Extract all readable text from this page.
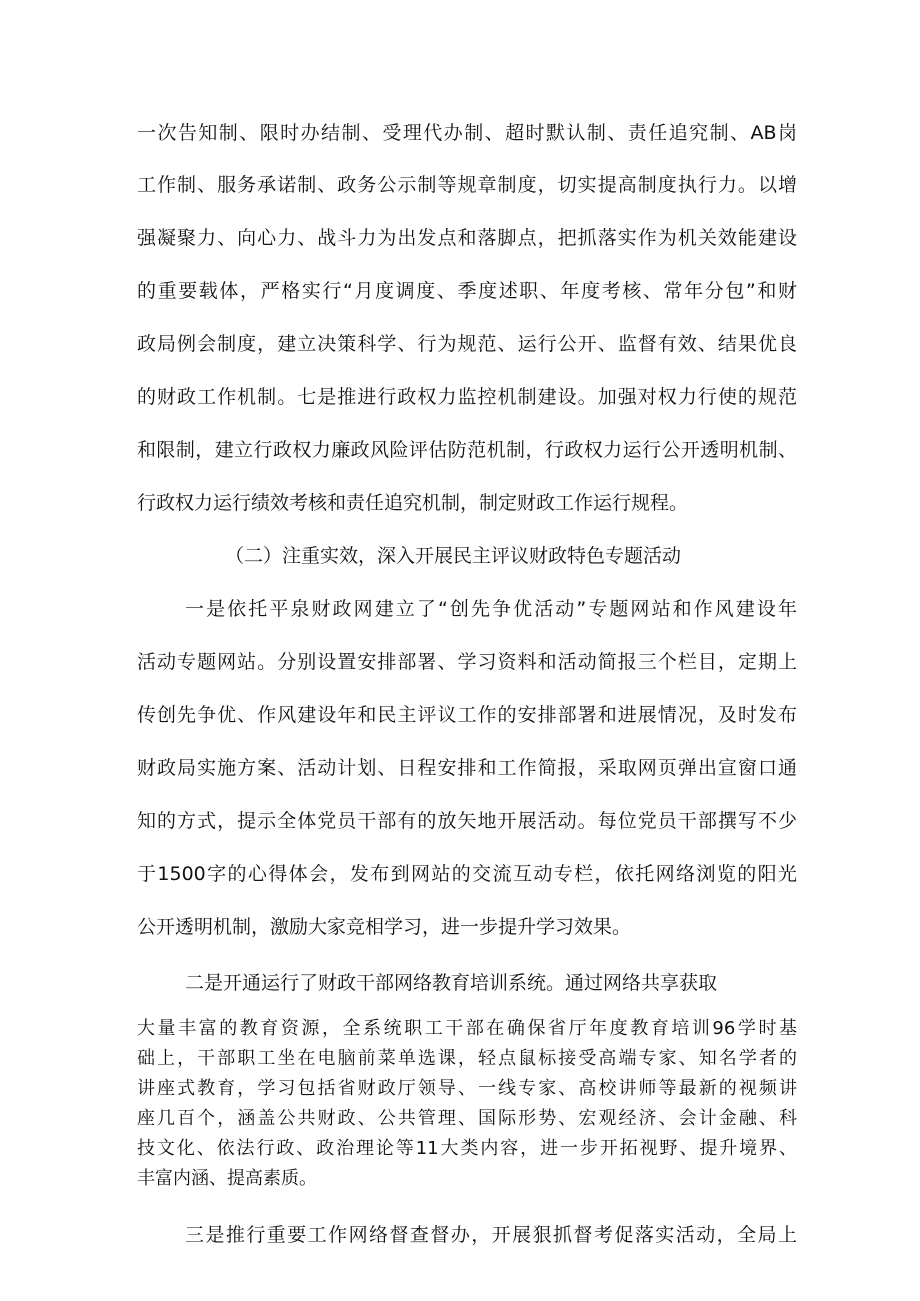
一次告知制、限时办结制、受理代办制、超时默认制、责任追究制、AB岗
工作制、服务承诺制、政务公示制等规章制度，切实提高制度执行力。以增
强凝聚力、向心力、战斗力为出发点和落脚点，把抓落实作为机关效能建设
的重要载体，严格实行“月度调度、季度述职、年度考核、常年分包”和财
政局例会制度，建立决策科学、行为规范、运行公开、监督有效、结果优良
的财政工作机制。七是推进行政权力监控机制建设。加强对权力行使的规范
和限制，建立行政权力廉政风险评估防范机制，行政权力运行公开透明机制、
行政权力运行绩效考核和责任追究机制，制定财政工作运行规程。
（二）注重实效，深入开展民主评议财政特色专题活动
一是依托平泉财政网建立了“创先争优活动”专题网站和作风建设年
活动专题网站。分别设置安排部署、学习资料和活动简报三个栏目，定期上
传创先争优、作风建设年和民主评议工作的安排部署和进展情况，及时发布
财政局实施方案、活动计划、日程安排和工作简报，采取网页弹出宣窗口通
知的方式，提示全体党员干部有的放矢地开展活动。每位党员干部撰写不少
于1500字的心得体会，发布到网站的交流互动专栏，依托网络浏览的阳光
公开透明机制，激励大家竞相学习，进一步提升学习效果。
二是开通运行了财政干部网络教育培训系统。通过网络共享获取
大量丰富的教育资源，全系统职工干部在确保省厅年度教育培训96学时基
础上，干部职工坐在电脑前菜单选课，轻点鼠标接受高端专家、知名学者的
讲座式教育，学习包括省财政厅领导、一线专家、高校讲师等最新的视频讲
座几百个，涵盖公共财政、公共管理、国际形势、宏观经济、会计金融、科
技文化、依法行政、政治理论等11大类内容，进一步开拓视野、提升境界、
丰富内涵、提高素质。
三是推行重要工作网络督查督办，开展狠抓督考促落实活动，全局上
